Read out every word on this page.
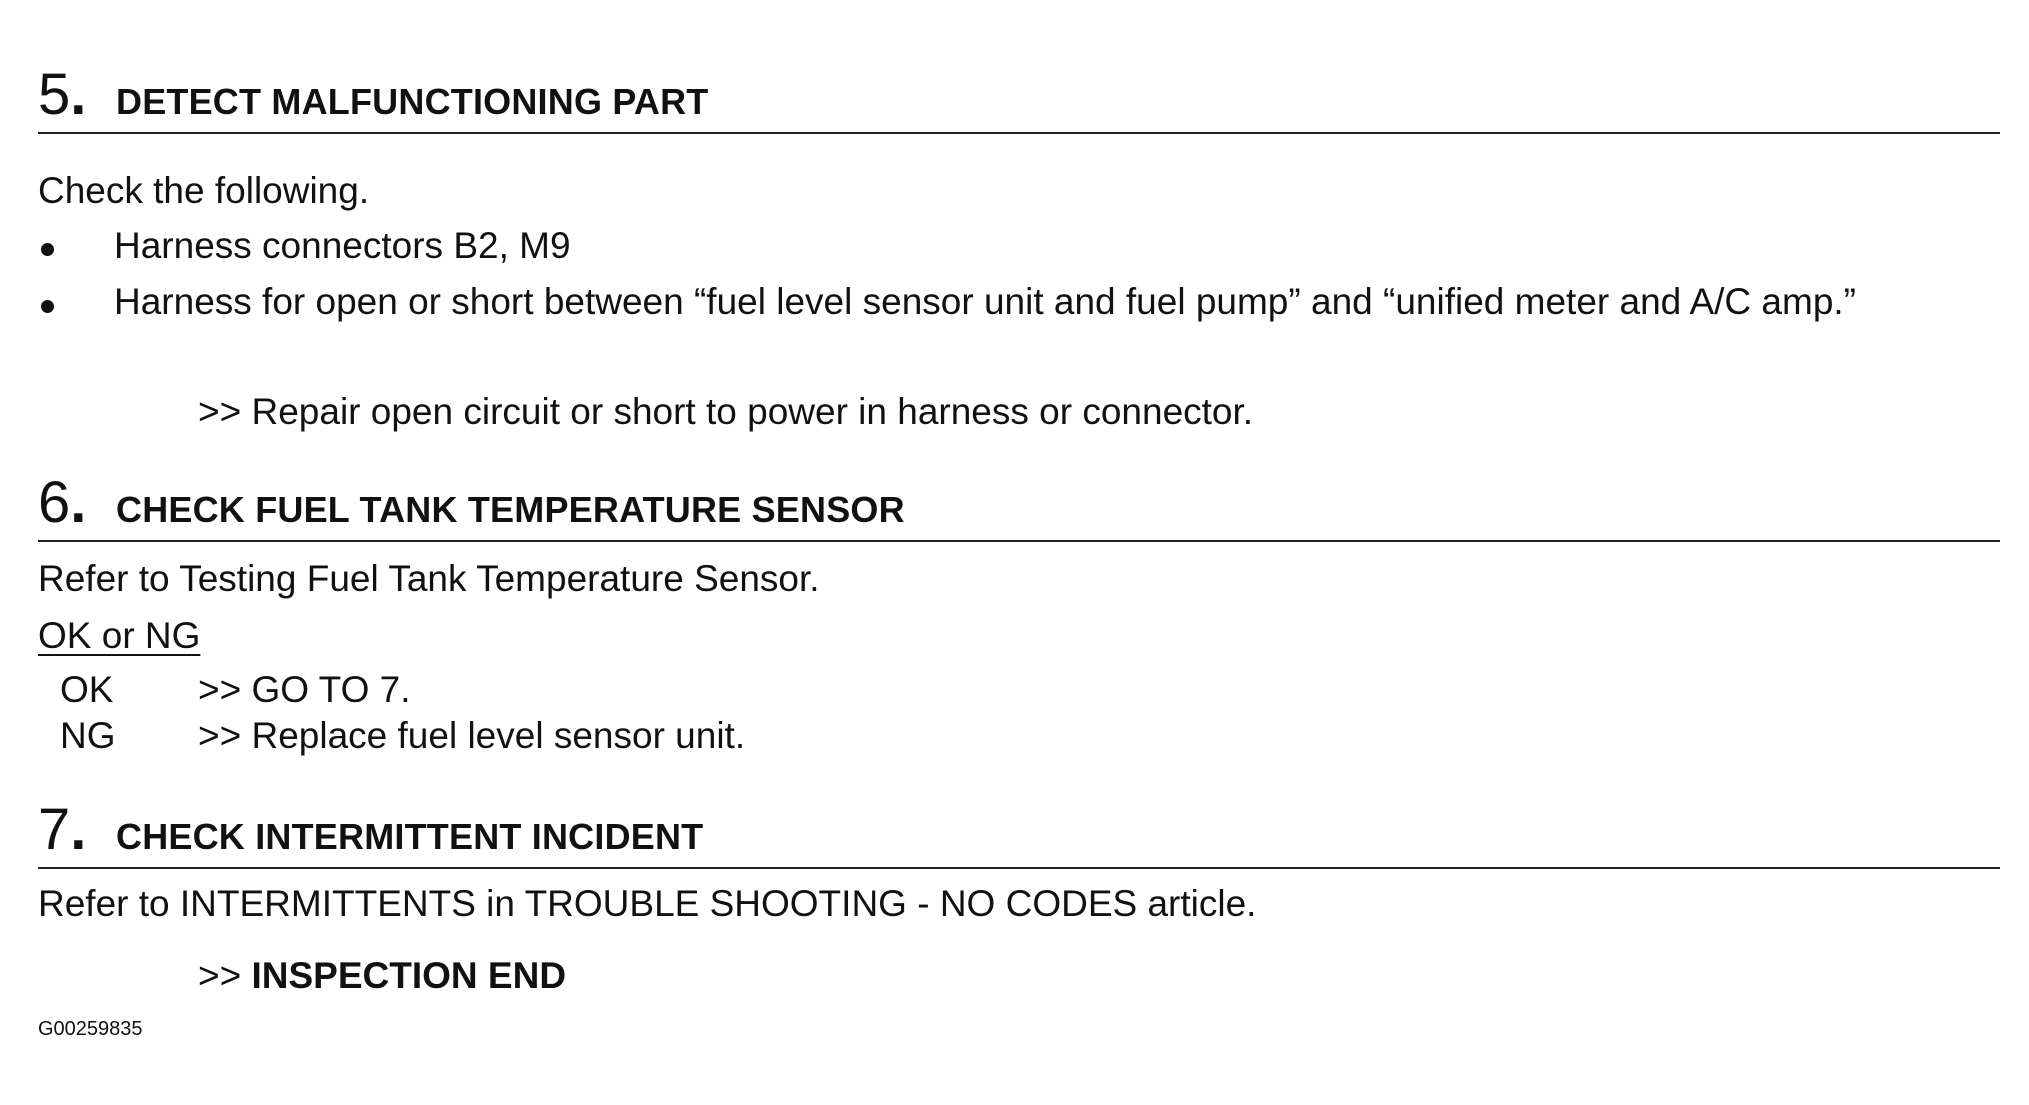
5. DETECT MALFUNCTIONING PART
Check the following.
Harness connectors B2, M9
Harness for open or short between “fuel level sensor unit and fuel pump” and “unified meter and A/C amp.”
>> Repair open circuit or short to power in harness or connector.
6. CHECK FUEL TANK TEMPERATURE SENSOR
Refer to Testing Fuel Tank Temperature Sensor.
OK or NG
OK >> GO TO 7.
NG >> Replace fuel level sensor unit.
7. CHECK INTERMITTENT INCIDENT
Refer to INTERMITTENTS in TROUBLE SHOOTING - NO CODES article.
>> INSPECTION END
G00259835
